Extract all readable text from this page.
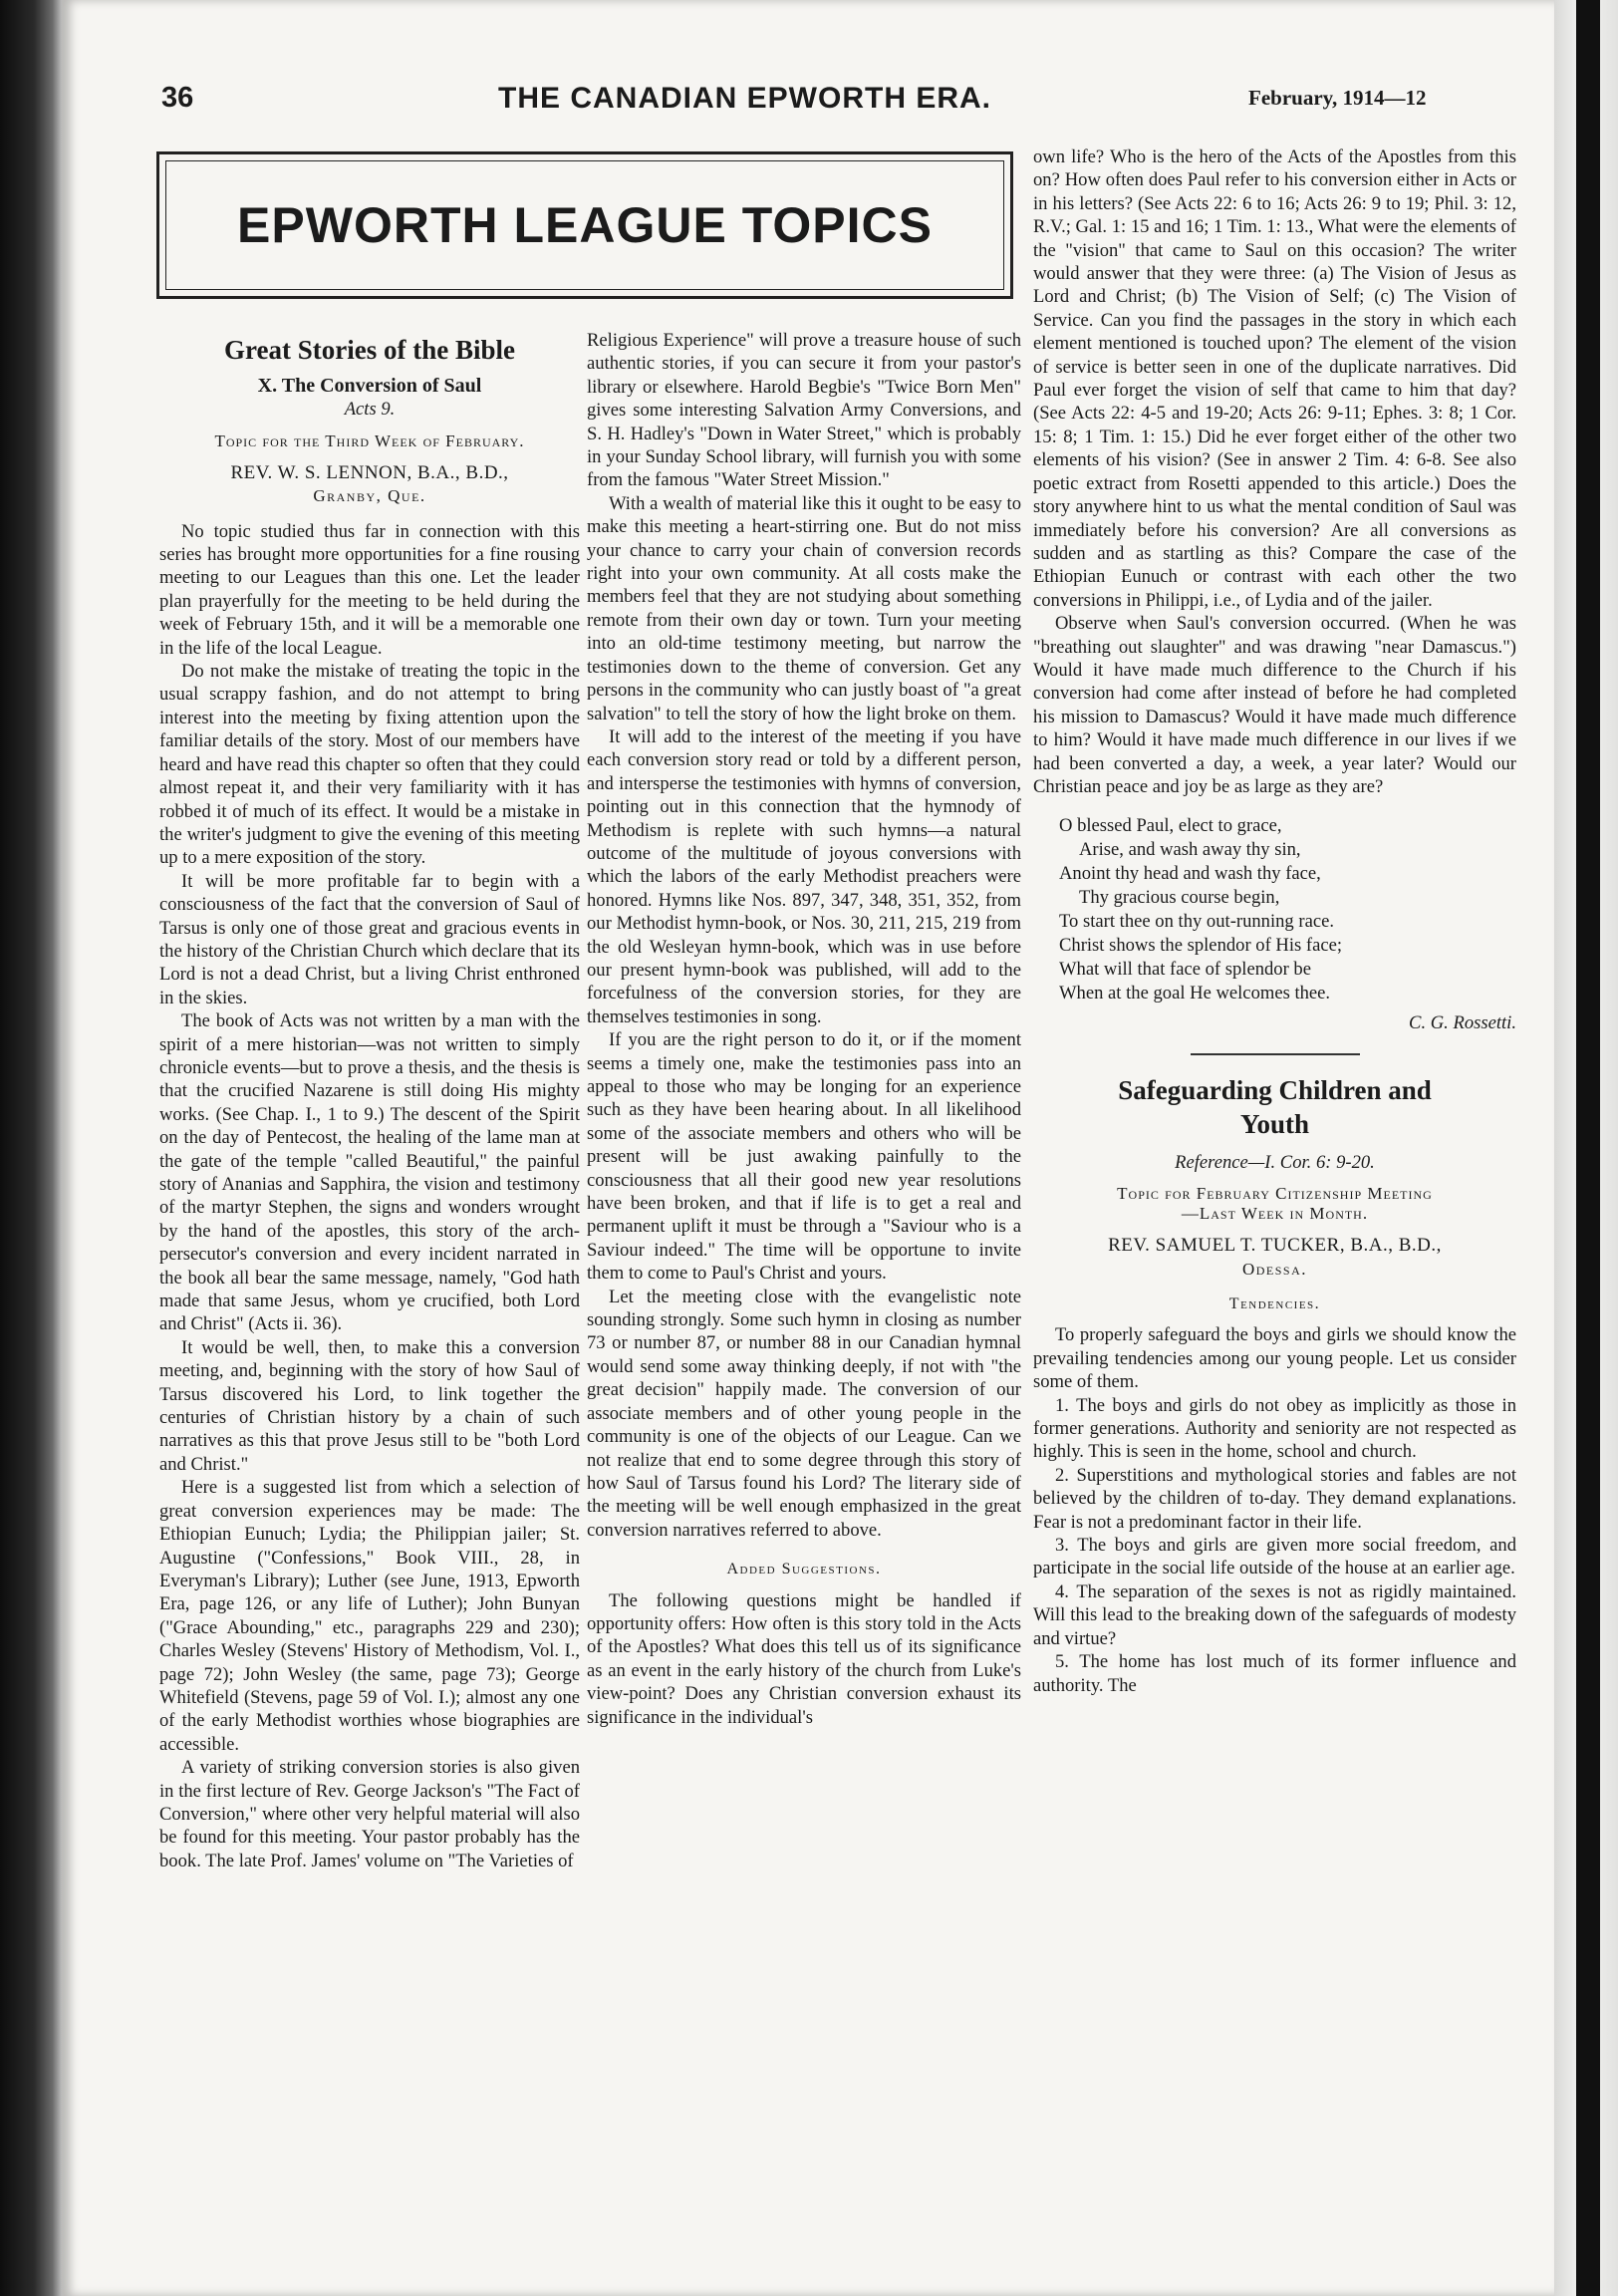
36	THE CANADIAN EPWORTH ERA.	February, 1914—12
EPWORTH LEAGUE TOPICS
Great Stories of the Bible
X. The Conversion of Saul
Acts 9.
Topic for the Third Week of February.
REV. W. S. LENNON, B.A., B.D.,
Granby, Que.

No topic studied thus far in connection with this series has brought more opportunities for a fine rousing meeting to our Leagues than this one. Let the leader plan prayerfully for the meeting to be held during the week of February 15th, and it will be a memorable one in the life of the local League.

Do not make the mistake of treating the topic in the usual scrappy fashion, and do not attempt to bring interest into the meeting by fixing attention upon the familiar details of the story. Most of our members have heard and have read this chapter so often that they could almost repeat it, and their very familiarity with it has robbed it of much of its effect. It would be a mistake in the writer's judgment to give the evening of this meeting up to a mere exposition of the story.

It will be more profitable far to begin with a consciousness of the fact that the conversion of Saul of Tarsus is only one of those great and gracious events in the history of the Christian Church which declare that its Lord is not a dead Christ, but a living Christ enthroned in the skies.

The book of Acts was not written by a man with the spirit of a mere historian—was not written to simply chronicle events—but to prove a thesis, and the thesis is that the crucified Nazarene is still doing His mighty works. (See Chap. I., 1 to 9.) The descent of the Spirit on the day of Pentecost, the healing of the lame man at the gate of the temple "called Beautiful," the painful story of Ananias and Sapphira, the vision and testimony of the martyr Stephen, the signs and wonders wrought by the hand of the apostles, this story of the arch-persecutor's conversion and every incident narrated in the book all bear the same message, namely, "God hath made that same Jesus, whom ye crucified, both Lord and Christ" (Acts ii. 36).

It would be well, then, to make this a conversion meeting, and, beginning with the story of how Saul of Tarsus discovered his Lord, to link together the centuries of Christian history by a chain of such narratives as this that prove Jesus still to be "both Lord and Christ."

Here is a suggested list from which a selection of great conversion experiences may be made: The Ethiopian Eunuch; Lydia; the Philippian jailer; St. Augustine ("Confessions," Book VIII., 28, in Everyman's Library); Luther (see June, 1913, Epworth Era, page 126, or any life of Luther); John Bunyan ("Grace Abounding," etc., paragraphs 229 and 230); Charles Wesley (Stevens' History of Methodism, Vol. I., page 72); John Wesley (the same, page 73); George Whitefield (Stevens, page 59 of Vol. I.); almost any one of the early Methodist worthies whose biographies are accessible.

A variety of striking conversion stories is also given in the first lecture of Rev. George Jackson's "The Fact of Conversion," where other very helpful material will also be found for this meeting. Your pastor probably has the book. The late Prof. James' volume on "The Varieties of

Religious Experience" will prove a treasure house of such authentic stories, if you can secure it from your pastor's library or elsewhere. Harold Begbie's "Twice Born Men" gives some interesting Salvation Army Conversions, and S. H. Hadley's "Down in Water Street," which is probably in your Sunday School library, will furnish you with some from the famous "Water Street Mission."

With a wealth of material like this it ought to be easy to make this meeting a heart-stirring one. But do not miss your chance to carry your chain of conversion records right into your own community. At all costs make the members feel that they are not studying about something remote from their own day or town. Turn your meeting into an old-time testimony meeting, but narrow the testimonies down to the theme of conversion. Get any persons in the community who can justly boast of "a great salvation" to tell the story of how the light broke on them.

It will add to the interest of the meeting if you have each conversion story read or told by a different person, and intersperse the testimonies with hymns of conversion, pointing out in this connection that the hymnody of Methodism is replete with such hymns—a natural outcome of the multitude of joyous conversions with which the labors of the early Methodist preachers were honored. Hymns like Nos. 897, 347, 348, 351, 352, from our Methodist hymn-book, or Nos. 30, 211, 215, 219 from the old Wesleyan hymn-book, which was in use before our present hymn-book was published, will add to the forcefulness of the conversion stories, for they are themselves testimonies in song.

If you are the right person to do it, or if the moment seems a timely one, make the testimonies pass into an appeal to those who may be longing for an experience such as they have been hearing about. In all likelihood some of the associate members and others who will be present will be just awaking painfully to the consciousness that all their good new year resolutions have been broken, and that if life is to get a real and permanent uplift it must be through a "Saviour who is a Saviour indeed." The time will be opportune to invite them to come to Paul's Christ and yours.

Let the meeting close with the evangelistic note sounding strongly. Some such hymn in closing as number 73 or number 87, or number 88 in our Canadian hymnal would send some away thinking deeply, if not with "the great decision" happily made. The conversion of our associate members and of other young people in the community is one of the objects of our League. Can we not realize that end to some degree through this story of how Saul of Tarsus found his Lord? The literary side of the meeting will be well enough emphasized in the great conversion narratives referred to above.

Added Suggestions.

The following questions might be handled if opportunity offers: How often is this story told in the Acts of the Apostles? What does this tell us of its significance as an event in the early history of the church from Luke's view-point? Does any Christian conversion exhaust its significance in the individual's

own life? Who is the hero of the Acts of the Apostles from this on? How often does Paul refer to his conversion either in Acts or in his letters? (See Acts 22: 6 to 16; Acts 26: 9 to 19; Phil. 3: 12, R.V.; Gal. 1: 15 and 16; 1 Tim. 1: 13., What were the elements of the "vision" that came to Saul on this occasion? The writer would answer that they were three: (a) The Vision of Jesus as Lord and Christ; (b) The Vision of Self; (c) The Vision of Service. Can you find the passages in the story in which each element mentioned is touched upon? The element of the vision of service is better seen in one of the duplicate narratives. Did Paul ever forget the vision of self that came to him that day? (See Acts 22: 4-5 and 19-20; Acts 26: 9-11; Ephes. 3: 8; 1 Cor. 15: 8; 1 Tim. 1: 15.) Did he ever forget either of the other two elements of his vision? (See in answer 2 Tim. 4: 6-8. See also poetic extract from Rosetti appended to this article.) Does the story anywhere hint to us what the mental condition of Saul was immediately before his conversion? Are all conversions as sudden and as startling as this? Compare the case of the Ethiopian Eunuch or contrast with each other the two conversions in Philippi, i.e., of Lydia and of the jailer.

Observe when Saul's conversion occurred. (When he was "breathing out slaughter" and was drawing "near Damascus.") Would it have made much difference to the Church if his conversion had come after instead of before he had completed his mission to Damascus? Would it have made much difference to him? Would it have made much difference in our lives if we had been converted a day, a week, a year later? Would our Christian peace and joy be as large as they are?

O blessed Paul, elect to grace,
Arise, and wash away thy sin,
Anoint thy head and wash thy face,
Thy gracious course begin,
To start thee on thy out-running race.
Christ shows the splendor of His face;
What will that face of splendor be
When at the goal He welcomes thee.
C. G. Rossetti.
Safeguarding Children and
Youth
Reference—I. Cor. 6: 9-20.
Topic for February Citizenship Meeting
—Last Week in Month.
REV. SAMUEL T. TUCKER, B.A., B.D.,
Odessa.
Tendencies.

To properly safeguard the boys and girls we should know the prevailing tendencies among our young people. Let us consider some of them.

1. The boys and girls do not obey as implicitly as those in former generations. Authority and seniority are not respected as highly. This is seen in the home, school and church.

2. Superstitions and mythological stories and fables are not believed by the children of to-day. They demand explanations. Fear is not a predominant factor in their life.

3. The boys and girls are given more social freedom, and participate in the social life outside of the house at an earlier age.

4. The separation of the sexes is not as rigidly maintained. Will this lead to the breaking down of the safeguards of modesty and virtue?

5. The home has lost much of its former influence and authority. The
